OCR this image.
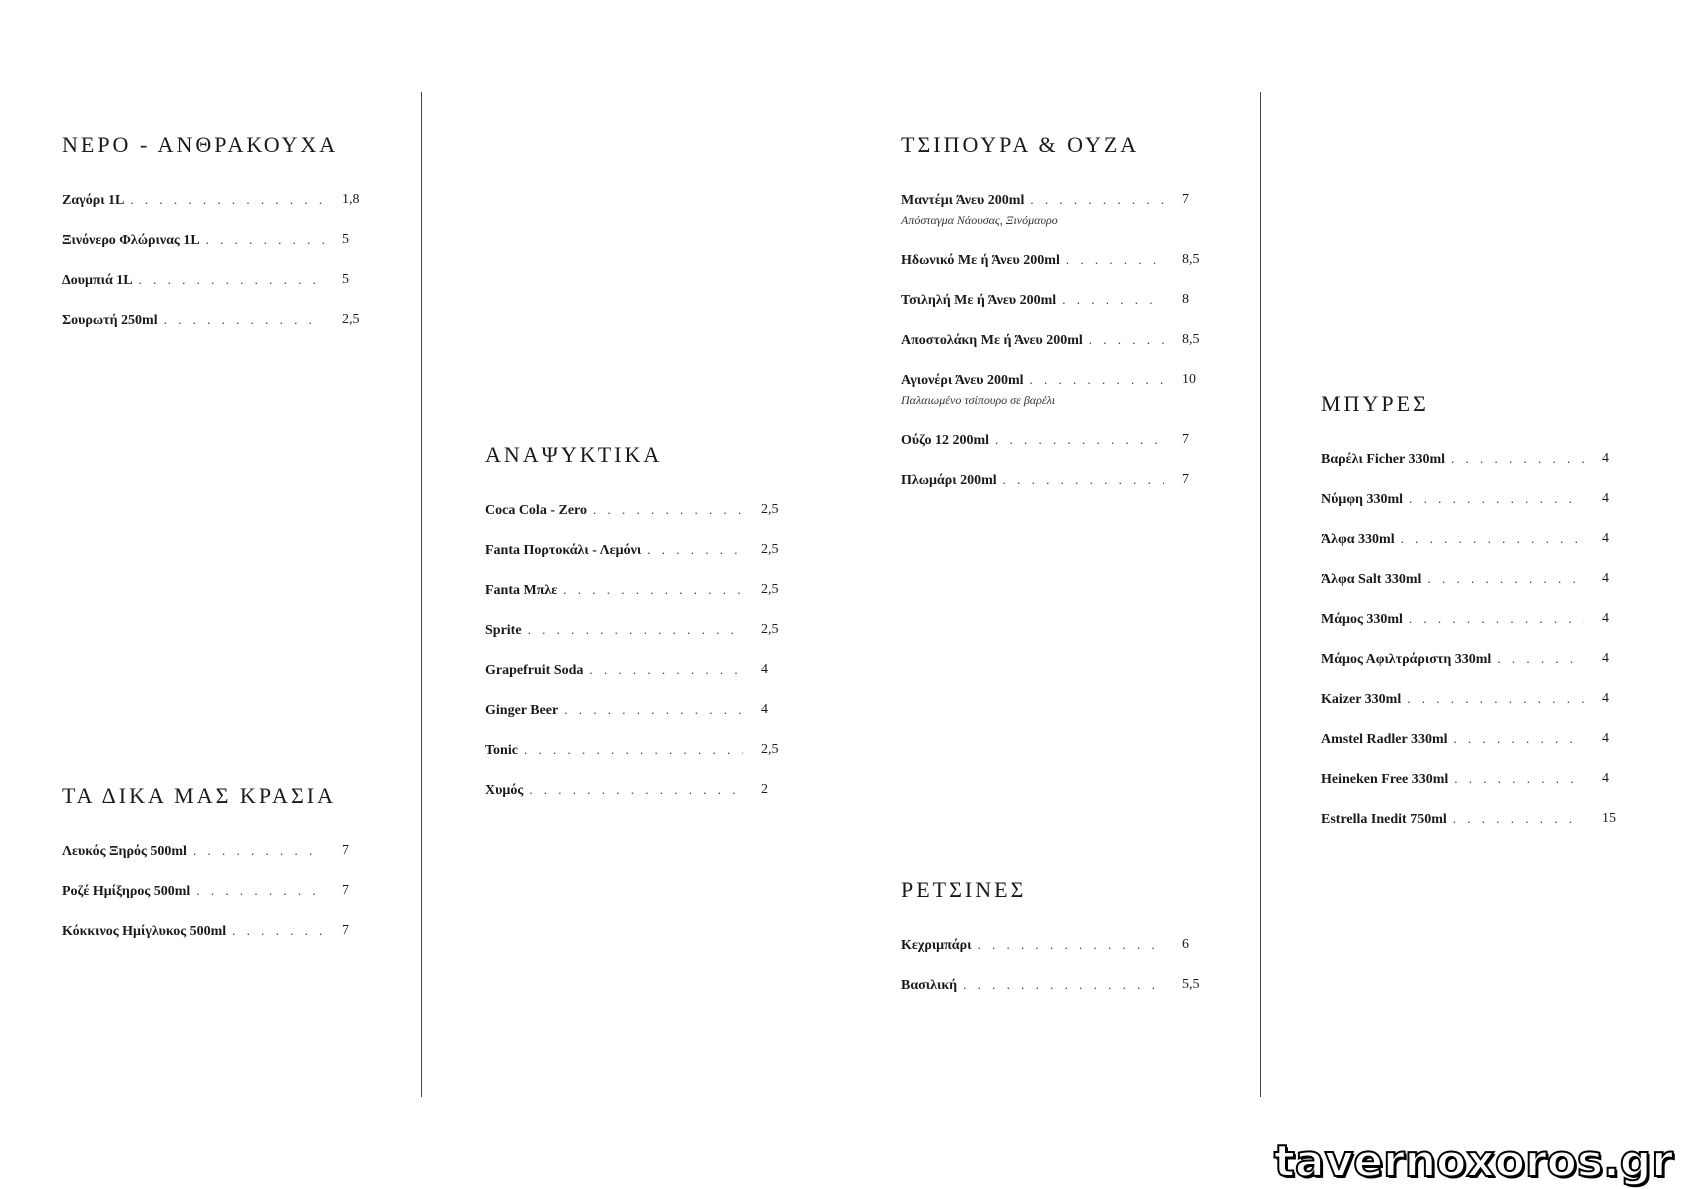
ΝΕΡΟ - ΑΝΘΡΑΚΟΥΧΑ
Ζαγόρι 1L . . .	1,8
Ξινόνερο Φλώρινας 1L . . .	5
Δουμπιά 1L . . .	5
Σουρωτή 250ml . . .	2,5
ΤΑ ΔΙΚΑ ΜΑΣ ΚΡΑΣΙΑ
Λευκός Ξηρός 500ml . . .	7
Ροζέ Ημίξηρος 500ml . . .	7
Κόκκινος Ημίγλυκος 500ml . . .	7
ΑΝΑΨΥΚΤΙΚΑ
Coca Cola - Zero . . .	2,5
Fanta Πορτοκάλι - Λεμόνι . . .	2,5
Fanta Μπλε . . .	2,5
Sprite . . .	2,5
Grapefruit Soda . . .	4
Ginger Beer . . .	4
Tonic . . .	2,5
Χυμός . . .	2
ΤΣΙΠΟΥΡΑ & ΟΥΖΑ
Μαντέμι Άνευ 200ml . . .	7
Απόσταγμα Νάουσας, Ξινόμαυρο
Ηδωνικό Με ή Άνευ 200ml . . .	8,5
Τσιληλή Με ή Άνευ 200ml . . .	8
Αποστολάκη Με ή Άνευ 200ml . . .	8,5
Αγιονέρι Άνευ 200ml . . .	10
Παλαιωμένο τσίπουρο σε βαρέλι
Ούζο 12 200ml . . .	7
Πλωμάρι 200ml . . .	7
ΡΕΤΣΙΝΕΣ
Κεχριμπάρι . . .	6
Βασιλική . . .	5,5
ΜΠΥΡΕΣ
Βαρέλι Ficher 330ml . . .	4
Νύμφη 330ml . . .	4
Άλφα 330ml . . .	4
Άλφα Salt 330ml . . .	4
Μάμος 330ml . . .	4
Μάμος Αφιλτράριστη 330ml . . .	4
Kaizer 330ml . . .	4
Amstel Radler 330ml . . .	4
Heineken Free 330ml . . .	4
Estrella Inedit 750ml . . .	15
tavernoxoros.gr
